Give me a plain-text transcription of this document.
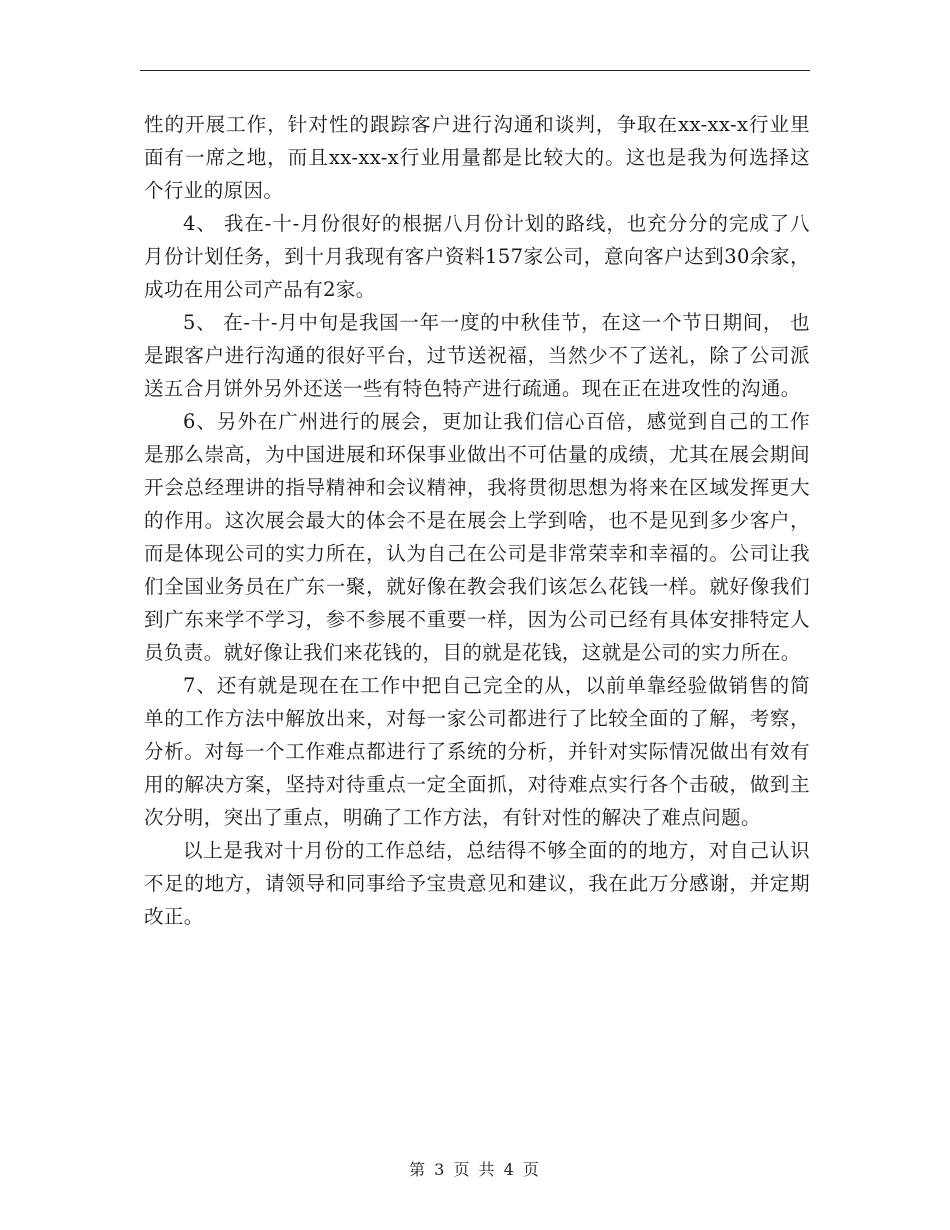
性的开展工作，针对性的跟踪客户进行沟通和谈判，争取在xx-xx-x行业里面有一席之地，而且xx-xx-x行业用量都是比较大的。这也是我为何选择这个行业的原因。

4、 我在-十-月份很好的根据八月份计划的路线，也充分分的完成了八月份计划任务，到十月我现有客户资料157家公司，意向客户达到30余家，成功在用公司产品有2家。

5、 在-十-月中旬是我国一年一度的中秋佳节，在这一个节日期间， 也是跟客户进行沟通的很好平台，过节送祝福，当然少不了送礼，除了公司派送五合月饼外另外还送一些有特色特产进行疏通。现在正在进攻性的沟通。

6、另外在广州进行的展会，更加让我们信心百倍，感觉到自己的工作是那么崇高，为中国进展和环保事业做出不可估量的成绩，尤其在展会期间开会总经理讲的指导精神和会议精神，我将贯彻思想为将来在区域发挥更大的作用。这次展会最大的体会不是在展会上学到啥，也不是见到多少客户，而是体现公司的实力所在，认为自己在公司是非常荣幸和幸福的。公司让我们全国业务员在广东一聚，就好像在教会我们该怎么花钱一样。就好像我们到广东来学不学习，参不参展不重要一样，因为公司已经有具体安排特定人员负责。就好像让我们来花钱的，目的就是花钱，这就是公司的实力所在。

7、还有就是现在在工作中把自己完全的从，以前单靠经验做销售的简单的工作方法中解放出来，对每一家公司都进行了比较全面的了解，考察，分析。对每一个工作难点都进行了系统的分析，并针对实际情况做出有效有用的解决方案，坚持对待重点一定全面抓，对待难点实行各个击破，做到主次分明，突出了重点，明确了工作方法，有针对性的解决了难点问题。

以上是我对十月份的工作总结，总结得不够全面的的地方，对自己认识不足的地方，请领导和同事给予宝贵意见和建议，我在此万分感谢，并定期改正。

第 3 页 共 4 页
